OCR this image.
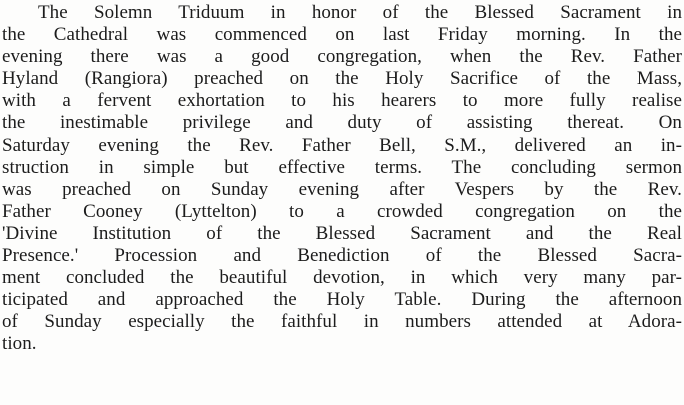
The Solemn Triduum in honor of the Blessed Sacrament in
the Cathedral was commenced on last Friday morning. In the
evening there was a good congregation, when the Rev. Father
Hyland (Rangiora) preached on the Holy Sacrifice of the Mass,
with a fervent exhortation to his hearers to more fully realise
the inestimable privilege and duty of assisting thereat. On
Saturday evening the Rev. Father Bell, S.M., delivered an in-
struction in simple but effective terms. The concluding sermon
was preached on Sunday evening after Vespers by the Rev.
Father Cooney (Lyttelton) to a crowded congregation on the
'Divine Institution of the Blessed Sacrament and the Real
Presence.' Procession and Benediction of the Blessed Sacra-
ment concluded the beautiful devotion, in which very many par-
ticipated and approached the Holy Table. During the afternoon
of Sunday especially the faithful in numbers attended at Adora-
tion.
